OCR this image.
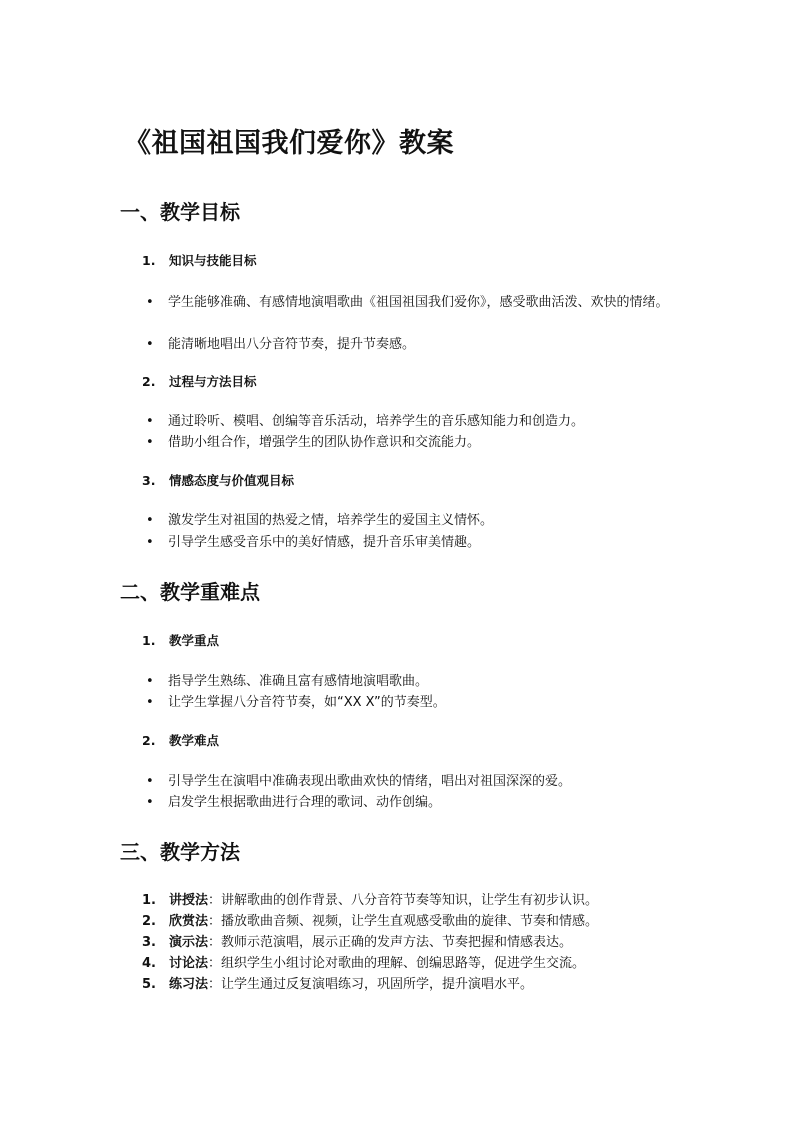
《祖国祖国我们爱你》教案
一、教学目标
1. 知识与技能目标
•	学生能够准确、有感情地演唱歌曲《祖国祖国我们爱你》，感受歌曲活泼、欢快的情绪。
•	能清晰地唱出八分音符节奏，提升节奏感。
2. 过程与方法目标
•	通过聆听、模唱、创编等音乐活动，培养学生的音乐感知能力和创造力。
•	借助小组合作，增强学生的团队协作意识和交流能力。
3. 情感态度与价值观目标
•	激发学生对祖国的热爱之情，培养学生的爱国主义情怀。
•	引导学生感受音乐中的美好情感，提升音乐审美情趣。
二、教学重难点
1. 教学重点
•	指导学生熟练、准确且富有感情地演唱歌曲。
•	让学生掌握八分音符节奏，如“XX X”的节奏型。
2. 教学难点
•	引导学生在演唱中准确表现出歌曲欢快的情绪，唱出对祖国深深的爱。
•	启发学生根据歌曲进行合理的歌词、动作创编。
三、教学方法
1. 讲授法：讲解歌曲的创作背景、八分音符节奏等知识，让学生有初步认识。
2. 欣赏法：播放歌曲音频、视频，让学生直观感受歌曲的旋律、节奏和情感。
3. 演示法：教师示范演唱，展示正确的发声方法、节奏把握和情感表达。
4. 讨论法：组织学生小组讨论对歌曲的理解、创编思路等，促进学生交流。
5. 练习法：让学生通过反复演唱练习，巩固所学，提升演唱水平。
